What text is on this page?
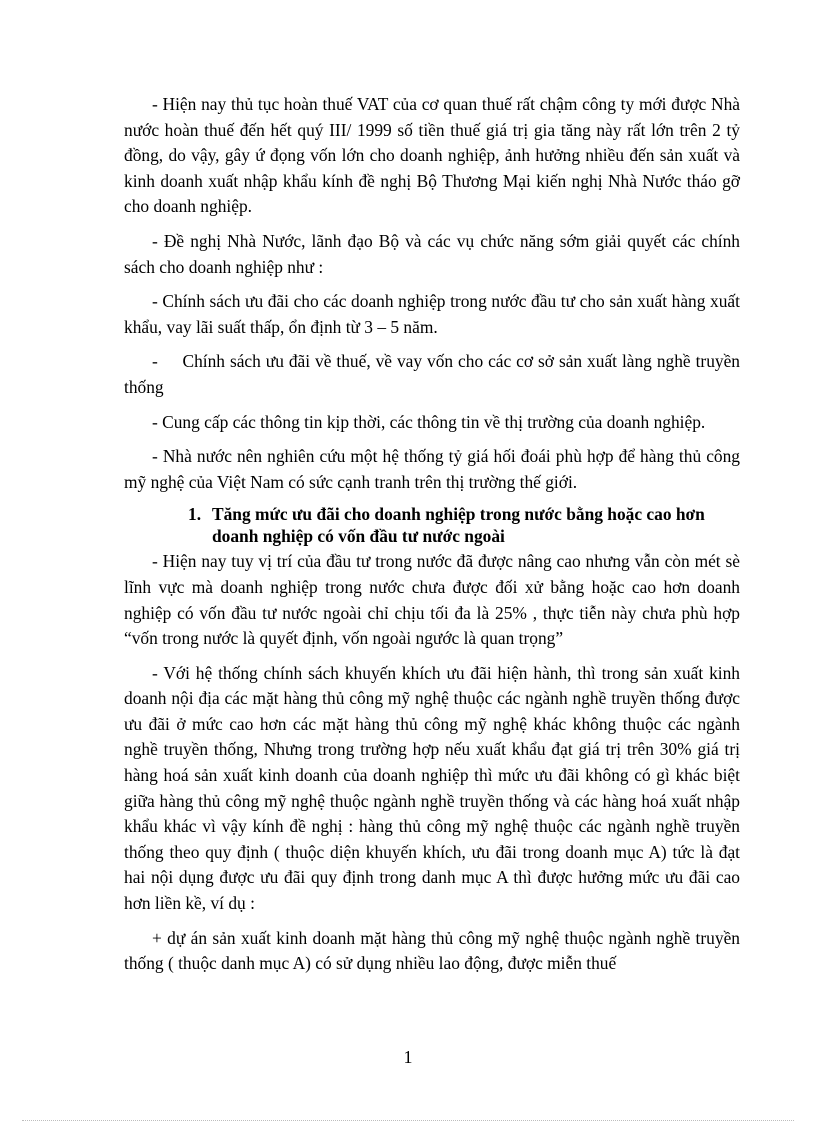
- Hiện nay thủ tục hoàn thuế VAT của cơ quan thuế rất chậm công ty mới được Nhà nước hoàn thuế đến hết quý III/ 1999 số tiền thuế giá trị gia tăng này rất lớn trên 2 tỷ đồng, do vậy, gây ứ đọng vốn lớn cho doanh nghiệp, ảnh hưởng nhiều đến sản xuất và kinh doanh xuất nhập khẩu kính đề nghị Bộ Thương Mại kiến nghị Nhà Nước tháo gỡ cho doanh nghiệp.

- Đề nghị Nhà Nước, lãnh đạo Bộ và các vụ chức năng sớm giải quyết các chính sách cho doanh nghiệp như :

- Chính sách ưu đãi cho các doanh nghiệp trong nước đầu tư cho sản xuất hàng xuất khẩu, vay lãi suất thấp, ổn định từ 3 – 5 năm.

-     Chính sách ưu đãi về thuế, về vay vốn cho các cơ sở sản xuất làng nghề truyền thống

- Cung cấp các thông tin kịp thời, các thông tin về thị trường của doanh nghiệp.

- Nhà nước nên nghiên cứu một hệ thống tỷ giá hối đoái phù hợp để hàng thủ công mỹ nghệ của Việt Nam có sức cạnh tranh trên thị trường thế giới.

1. Tăng mức ưu đãi cho doanh nghiệp trong nước bằng hoặc cao hơn doanh nghiệp có vốn đầu tư nước ngoài

- Hiện nay tuy vị trí của đầu tư trong nước đã được nâng cao nhưng vẫn còn mét sè lĩnh vực mà doanh nghiệp trong nước chưa được đối xử bằng hoặc cao hơn doanh nghiệp có vốn đầu tư nước ngoài chỉ chịu tối đa là 25% , thực tiễn này chưa phù hợp “vốn trong nước là quyết định, vốn ngoài ngước là quan trọng”

- Với hệ thống chính sách khuyến khích ưu đãi hiện hành, thì trong sản xuất kinh doanh nội địa các mặt hàng thủ công mỹ nghệ thuộc các ngành nghề truyền thống được ưu đãi ở mức cao hơn các mặt hàng thủ công mỹ nghệ khác không thuộc các ngành nghề truyền thống, Nhưng trong trường hợp nếu xuất khẩu đạt giá trị trên 30% giá trị hàng hoá sản xuất kinh doanh của doanh nghiệp thì mức ưu đãi không có gì khác biệt giữa hàng thủ công mỹ nghệ thuộc ngành nghề truyền thống và các hàng hoá xuất nhập khẩu khác vì vậy kính đề nghị : hàng thủ công mỹ nghệ thuộc các ngành nghề truyền thống theo quy định ( thuộc diện khuyến khích, ưu đãi trong doanh mục A) tức là đạt hai nội dụng được ưu đãi quy định trong danh mục A thì được hưởng mức ưu đãi cao hơn liền kề, ví dụ :

+ dự án sản xuất kinh doanh mặt hàng thủ công mỹ nghệ thuộc ngành nghề truyền thống ( thuộc danh mục A) có sử dụng nhiều lao động, được miễn thuế

1
